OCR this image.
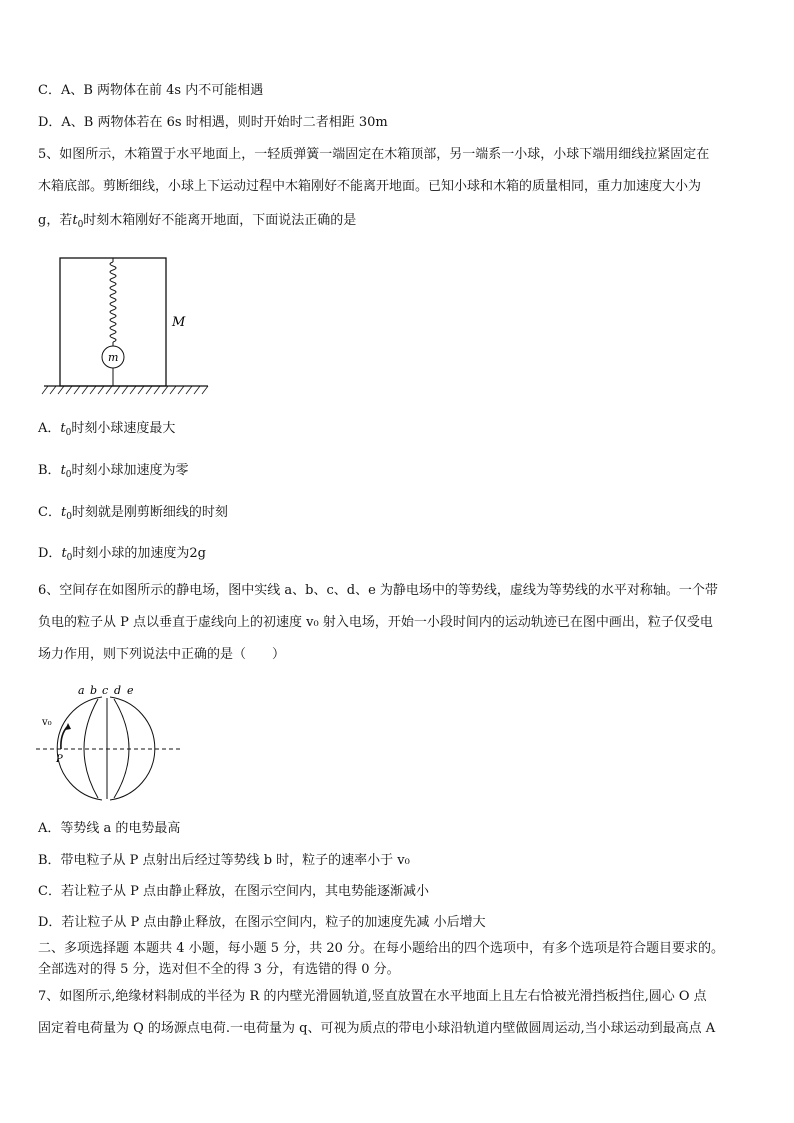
C．A、B 两物体在前 4s 内不可能相遇
D．A、B 两物体若在 6s 时相遇，则时开始时二者相距 30m
5、如图所示，木箱置于水平地面上，一轻质弹簧一端固定在木箱顶部，另一端系一小球，小球下端用细线拉紧固定在
木箱底部。剪断细线，小球上下运动过程中木箱刚好不能离开地面。已知小球和木箱的质量相同，重力加速度大小为
g，若$t_0$时刻木箱刚好不能离开地面，下面说法正确的是
m
M
A．$t_0$时刻小球速度最大
B．$t_0$时刻小球加速度为零
C．$t_0$时刻就是刚剪断细线的时刻
D．$t_0$时刻小球的加速度为2g
6、空间存在如图所示的静电场，图中实线 a、b、c、d、e 为静电场中的等势线，虚线为等势线的水平对称轴。一个带
负电的粒子从 P 点以垂直于虚线向上的初速度 v₀ 射入电场，开始一小段时间内的运动轨迹已在图中画出，粒子仅受电
场力作用，则下列说法中正确的是（　　）
a b c d e
v₀
P
A．等势线 a 的电势最高
B．带电粒子从 P 点射出后经过等势线 b 时，粒子的速率小于 v₀
C．若让粒子从 P 点由静止释放，在图示空间内，其电势能逐渐减小
D．若让粒子从 P 点由静止释放，在图示空间内，粒子的加速度先减 小后增大
二、多项选择题 本题共 4 小题，每小题 5 分，共 20 分。在每小题给出的四个选项中，有多个选项是符合题目要求的。
全部选对的得 5 分，选对但不全的得 3 分，有选错的得 0 分。
7、如图所示,绝缘材料制成的半径为 R 的内壁光滑圆轨道,竖直放置在水平地面上且左右恰被光滑挡板挡住,圆心 O 点
固定着电荷量为 Q 的场源点电荷.一电荷量为 q、可视为质点的带电小球沿轨道内壁做圆周运动,当小球运动到最高点 A
